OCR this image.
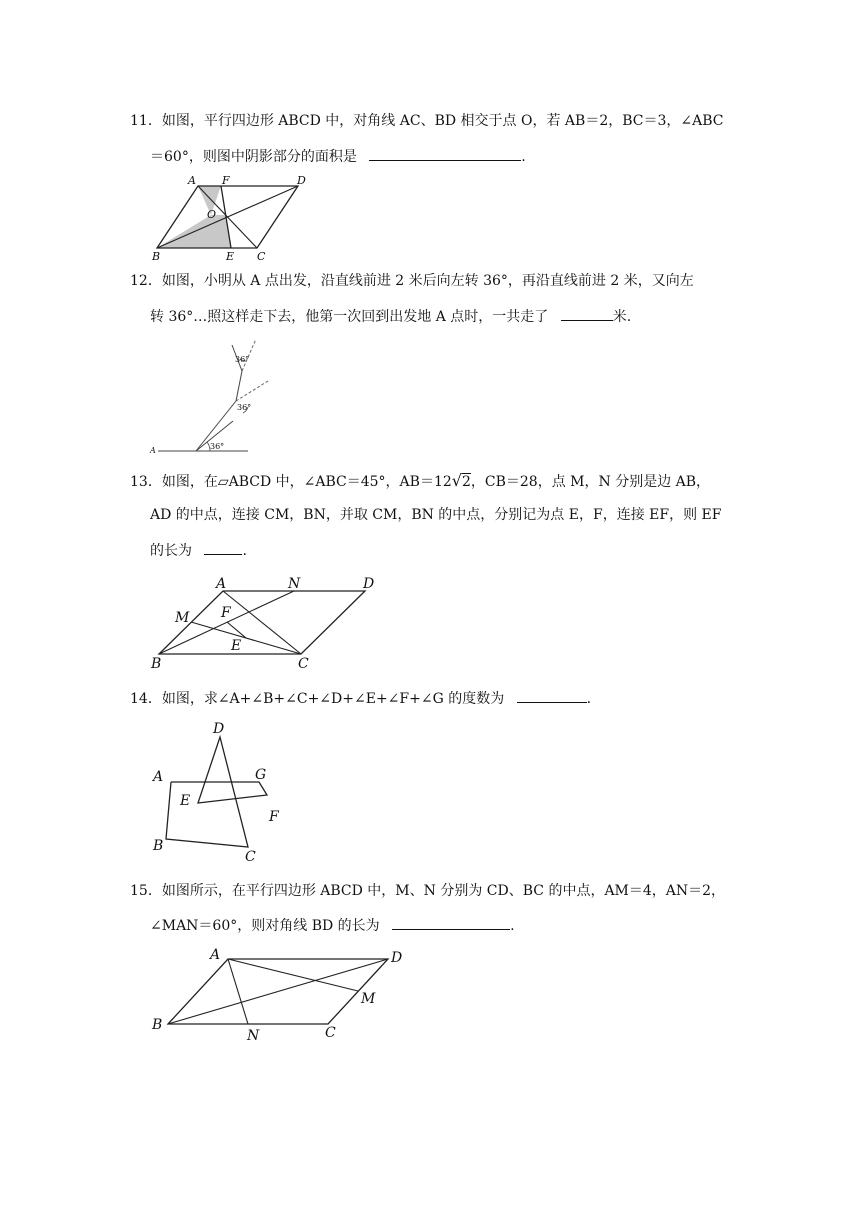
11．如图，平行四边形 ABCD 中，对角线 AC、BD 相交于点 O，若 AB＝2，BC＝3，∠ABC
＝60°，则图中阴影部分的面积是	.
A F	D
O
B	E C
12．如图，小明从 A 点出发，沿直线前进 2 米后向左转 36°，再沿直线前进 2 米，又向左
转 36°…照这样走下去，他第一次回到出发地 A 点时，一共走了	米.
A	36°
36°
36°
13．如图，在▱ABCD 中，∠ABC＝45°，AB＝12√2，CB＝28，点 M，N 分别是边 AB，
AD 的中点，连接 CM，BN，并取 CM，BN 的中点，分别记为点 E，F，连接 EF，则 EF
的长为	.
A	N	D
M F
E
B	C
14．如图，求∠A+∠B+∠C+∠D+∠E+∠F+∠G 的度数为	.
D
A	G
E
F
B
C
15．如图所示，在平行四边形 ABCD 中，M、N 分别为 CD、BC 的中点，AM＝4，AN＝2，
∠MAN＝60°，则对角线 BD 的长为	.
A	D
M
B
N	C
